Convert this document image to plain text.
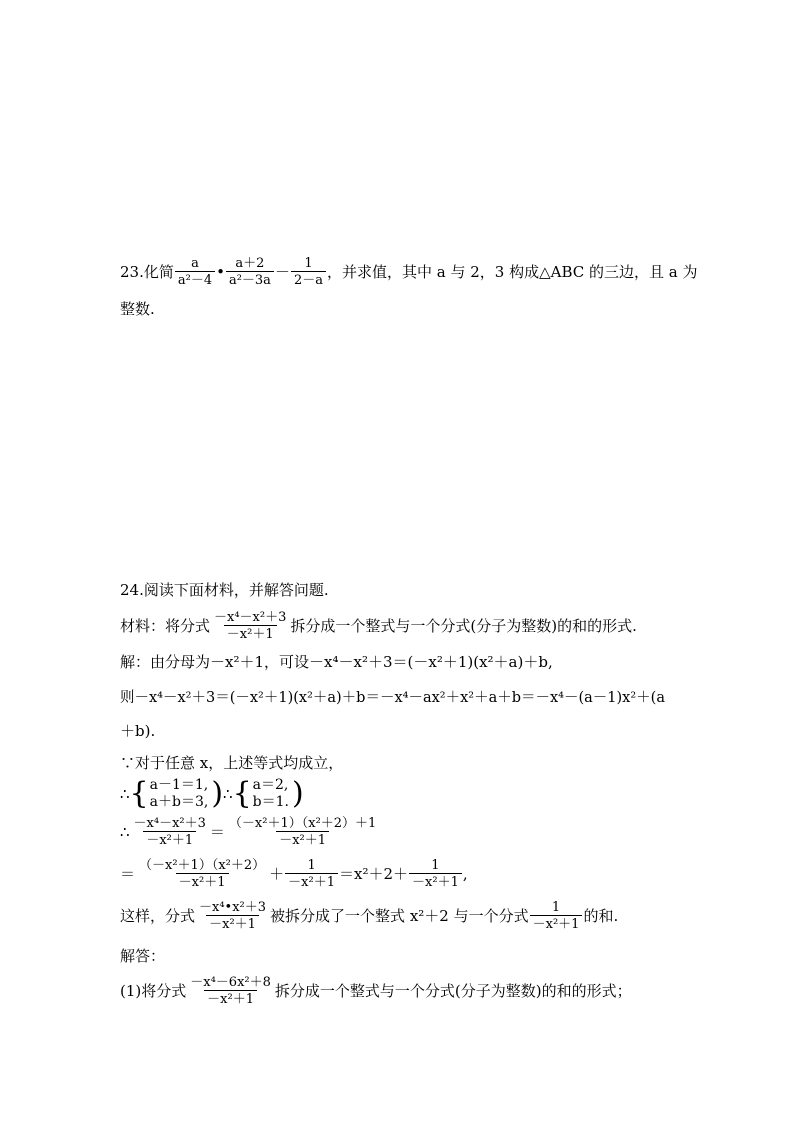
23.化简 $\frac{a}{\text{a²－4}}$ • $\frac{a+2}{\text{a²－3a}} - \frac{1}{2-a}$ ，并求值，其中 a 与 2，3 构成△ABC 的三边，且 a 为
整数.
24.阅读下面材料，并解答问题.
材料：将分式 $\frac{\text{－x⁴－x²＋3}}{\text{－x²＋1}}$ 拆分成一个整式与一个分式(分子为整数)的和的形式.
解：由分母为－x²＋1，可设－x⁴－x²＋3＝(－x²＋1)(x²＋a)＋b,
则－x⁴－x²＋3＝(－x²＋1)(x²＋a)＋b＝－x⁴－ax²＋x²＋a＋b＝－x⁴－(a－1)x²＋(a
＋b).
∵对于任意 x，上述等式均成立，
∴ { a－1＝1,
a＋b＝3, ) ∴ { a＝2,
b＝1. )
∴ $\frac{\text{－x⁴－x²＋3}}{\text{－x²＋1}} = \frac{\text{（－x²＋1）（x²＋2）＋1}}{\text{－x²＋1}}$
＝ $\frac{\text{（－x²＋1）（x²＋2）}}{\text{－x²＋1}} + \frac{1}{\text{－x²＋1}} =x^2+2+ \frac{1}{\text{－x²＋1}}$ ,
这样，分式 $\frac{\text{－x⁴•x²＋3}}{\text{－x²＋1}}$ 被拆分成了一个整式 x²＋2 与一个分式 $\frac{1}{\text{－x²＋1}}$ 的和.
解答：
(1)将分式 $\frac{\text{－x⁴－6x²＋8}}{\text{－x²＋1}}$ 拆分成一个整式与一个分式(分子为整数)的和的形式；
